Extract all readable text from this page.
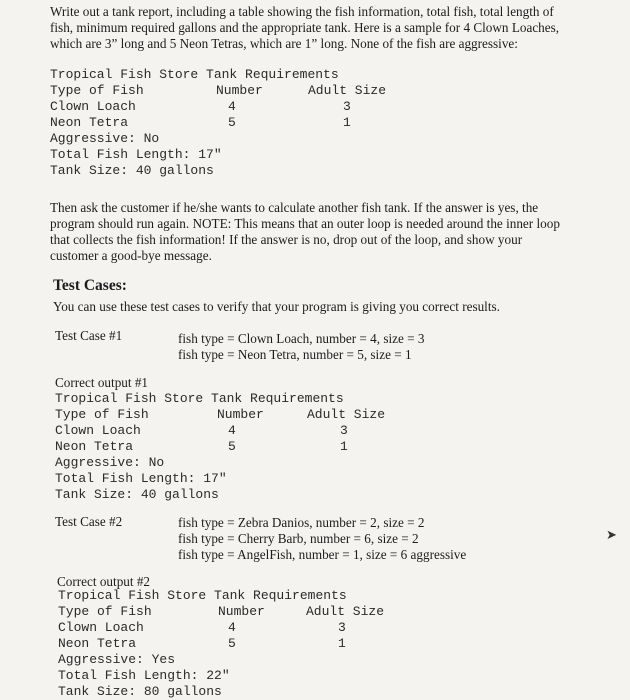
Write out a tank report, including a table showing the fish information, total fish, total length of
fish, minimum required gallons and the appropriate tank. Here is a sample for 4 Clown Loaches,
which are 3” long and 5 Neon Tetras, which are 1” long. None of the fish are aggressive:
Tropical Fish Store Tank Requirements
Type of Fish	Number	Adult Size
Clown Loach	4	3
Neon Tetra	5	1
Aggressive: No
Total Fish Length: 17"
Tank Size: 40 gallons
Then ask the customer if he/she wants to calculate another fish tank. If the answer is yes, the
program should run again. NOTE: This means that an outer loop is needed around the inner loop
that collects the fish information! If the answer is no, drop out of the loop, and show your
customer a good-bye message.
Test Cases:
You can use these test cases to verify that your program is giving you correct results.
Test Case #1	fish type = Clown Loach, number = 4, size = 3
fish type = Neon Tetra, number = 5, size = 1
Correct output #1
Tropical Fish Store Tank Requirements
Type of Fish	Number	Adult Size
Clown Loach	4	3
Neon Tetra	5	1
Aggressive: No
Total Fish Length: 17"
Tank Size: 40 gallons
Test Case #2	fish type = Zebra Danios, number = 2, size = 2
fish type = Cherry Barb, number = 6, size = 2
fish type = AngelFish, number = 1, size = 6 aggressive
➤
Correct output #2
Tropical Fish Store Tank Requirements
Type of Fish	Number	Adult Size
Clown Loach	4	3
Neon Tetra	5	1
Aggressive: Yes
Total Fish Length: 22"
Tank Size: 80 gallons
